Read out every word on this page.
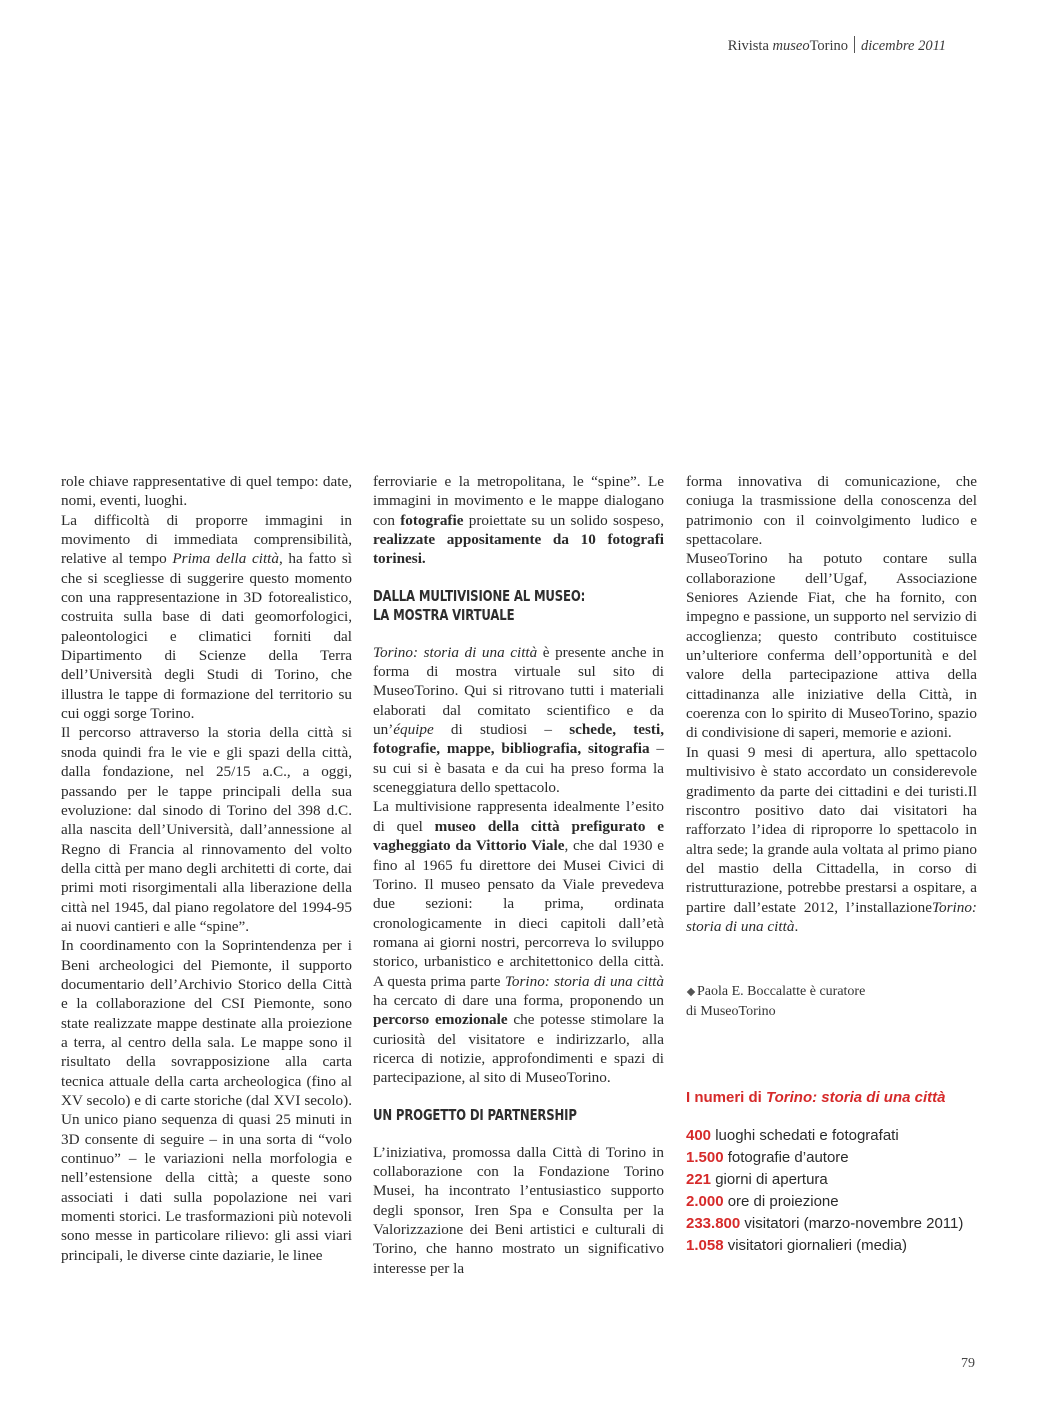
Rivista museoTorino dicembre 2011

role chiave rappresentative di quel tempo: date, nomi, eventi, luoghi.

La difficoltà di proporre immagini in movimento di immediata comprensibilità, relative al tempo Prima della città, ha fatto sì che si scegliesse di suggerire questo momento con una rappresentazione in 3D fotorealistico, costruita sulla base di dati geomorfologici, paleontologici e climatici forniti dal Dipartimento di Scienze della Terra dell’Università degli Studi di Torino, che illustra le tappe di formazione del territorio su cui oggi sorge Torino.

Il percorso attraverso la storia della città si snoda quindi fra le vie e gli spazi della città, dalla fondazione, nel 25/15 a.C., a oggi, passando per le tappe principali della sua evoluzione: dal sinodo di Torino del 398 d.C. alla nascita dell’Università, dall’annessione al Regno di Francia al rinnovamento del volto della città per mano degli architetti di corte, dai primi moti risorgimentali alla liberazione della città nel 1945, dal piano regolatore del 1994-95 ai nuovi cantieri e alle “spine”.

In coordinamento con la Soprintendenza per i Beni archeologici del Piemonte, il supporto documentario dell’Archivio Storico della Città e la collaborazione del CSI Piemonte, sono state realizzate mappe destinate alla proiezione a terra, al centro della sala. Le mappe sono il risultato della sovrapposizione alla carta tecnica attuale della carta archeologica (fino al XV secolo) e di carte storiche (dal XVI secolo). Un unico piano sequenza di quasi 25 minuti in 3D consente di seguire – in una sorta di “volo continuo” – le variazioni nella morfologia e nell’estensione della città; a queste sono associati i dati sulla popolazione nei vari momenti storici. Le trasformazioni più notevoli sono messe in particolare rilievo: gli assi viari principali, le diverse cinte daziarie, le linee

ferroviarie e la metropolitana, le “spine”. Le immagini in movimento e le mappe dialogano con fotografie proiettate su un solido sospeso, realizzate appositamente da 10 fotografi torinesi.

DALLA MULTIVISIONE AL MUSEO:

LA MOSTRA VIRTUALE

Torino: storia di una città è presente anche in forma di mostra virtuale sul sito di MuseoTorino. Qui si ritrovano tutti i materiali elaborati dal comitato scientifico e da un’équipe di studiosi – schede, testi, fotografie, mappe, bibliografia, sitografia – su cui si è basata e da cui ha preso forma la sceneggiatura dello spettacolo.

La multivisione rappresenta idealmente l’esito di quel museo della città prefigurato e vagheggiato da Vittorio Viale, che dal 1930 e fino al 1965 fu direttore dei Musei Civici di Torino. Il museo pensato da Viale prevedeva due sezioni: la prima, ordinata cronologicamente in dieci capitoli dall’età romana ai giorni nostri, percorreva lo sviluppo storico, urbanistico e architettonico della città. A questa prima parte Torino: storia di una città ha cercato di dare una forma, proponendo un percorso emozionale che potesse stimolare la curiosità del visitatore e indirizzarlo, alla ricerca di notizie, approfondimenti e spazi di partecipazione, al sito di MuseoTorino.

UN PROGETTO DI PARTNERSHIP

L’iniziativa, promossa dalla Città di Torino in collaborazione con la Fondazione Torino Musei, ha incontrato l’entusiastico supporto degli sponsor, Iren Spa e Consulta per la Valorizzazione dei Beni artistici e culturali di Torino, che hanno mostrato un significativo interesse per la

forma innovativa di comunicazione, che coniuga la trasmissione della conoscenza del patrimonio con il coinvolgimento ludico e spettacolare.

MuseoTorino ha potuto contare sulla collaborazione dell’Ugaf, Associazione Seniores Aziende Fiat, che ha fornito, con impegno e passione, un supporto nel servizio di accoglienza; questo contributo costituisce un’ulteriore conferma dell’opportunità e del valore della partecipazione attiva della cittadinanza alle iniziative della Città, in coerenza con lo spirito di MuseoTorino, spazio di condivisione di saperi, memorie e azioni.

In quasi 9 mesi di apertura, allo spettacolo multivisivo è stato accordato un considerevole gradimento da parte dei cittadini e dei turisti.Il riscontro positivo dato dai visitatori ha rafforzato l’idea di riproporre lo spettacolo in altra sede; la grande aula voltata al primo piano del mastio della Cittadella, in corso di ristrutturazione, potrebbe prestarsi a ospitare, a partire dall’estate 2012, l’installazioneTorino: storia di una città.

Paola E. Boccalatte è curatore
di MuseoTorino
I numeri di Torino: storia di una città
400 luoghi schedati e fotografati
1.500 fotografie d’autore
221 giorni di apertura
2.000 ore di proiezione
233.800 visitatori (marzo-novembre 2011)
1.058 visitatori giornalieri (media)
79
